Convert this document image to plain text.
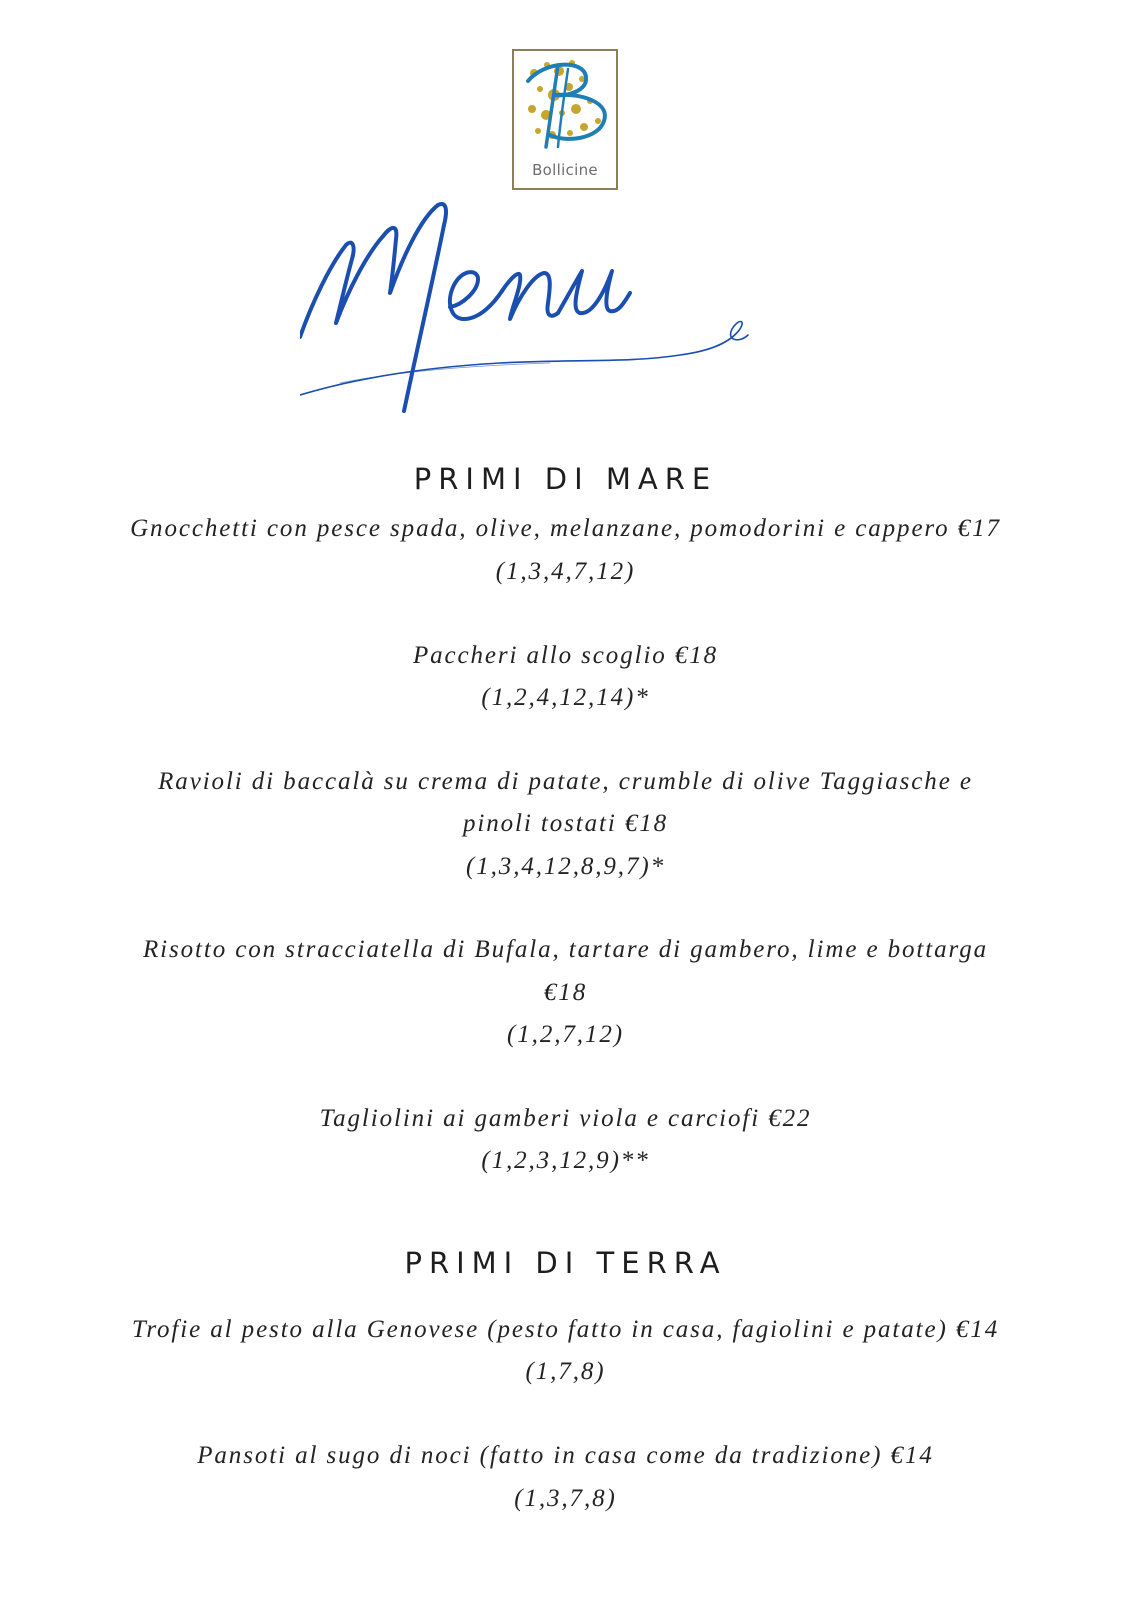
Bollicine
PRIMI DI MARE
Gnocchetti con pesce spada, olive, melanzane, pomodorini e cappero €17
(1,3,4,7,12)
Paccheri allo scoglio €18
(1,2,4,12,14)*
Ravioli di baccalà su crema di patate, crumble di olive Taggiasche e
pinoli tostati €18
(1,3,4,12,8,9,7)*
Risotto con stracciatella di Bufala, tartare di gambero, lime e bottarga
€18
(1,2,7,12)
Tagliolini ai gamberi viola e carciofi €22
(1,2,3,12,9)**
PRIMI DI TERRA
Trofie al pesto alla Genovese (pesto fatto in casa, fagiolini e patate) €14
(1,7,8)
Pansoti al sugo di noci (fatto in casa come da tradizione) €14
(1,3,7,8)
